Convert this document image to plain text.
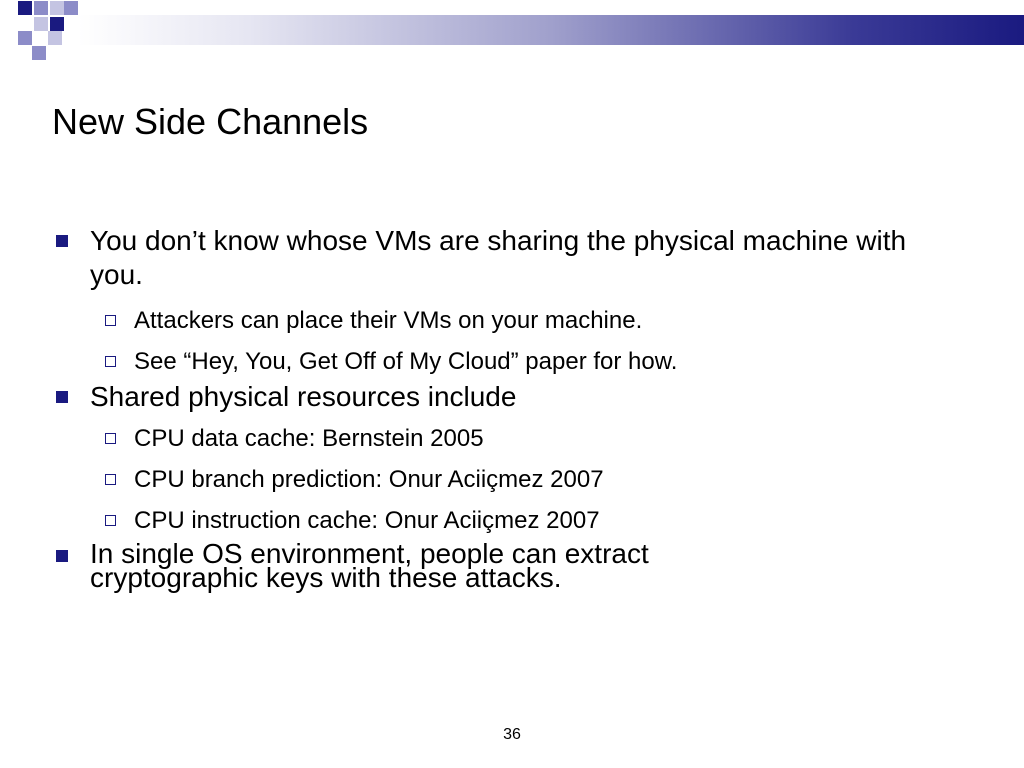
New Side Channels
You don’t know whose VMs are sharing the physical machine with you.
Attackers can place their VMs on your machine.
See “Hey, You, Get Off of My Cloud” paper for how.
Shared physical resources include
CPU data cache: Bernstein 2005
CPU branch prediction: Onur Aciiçmez 2007
CPU instruction cache: Onur Aciiçmez 2007
In single OS environment, people can extract cryptographic keys with these attacks.
36
